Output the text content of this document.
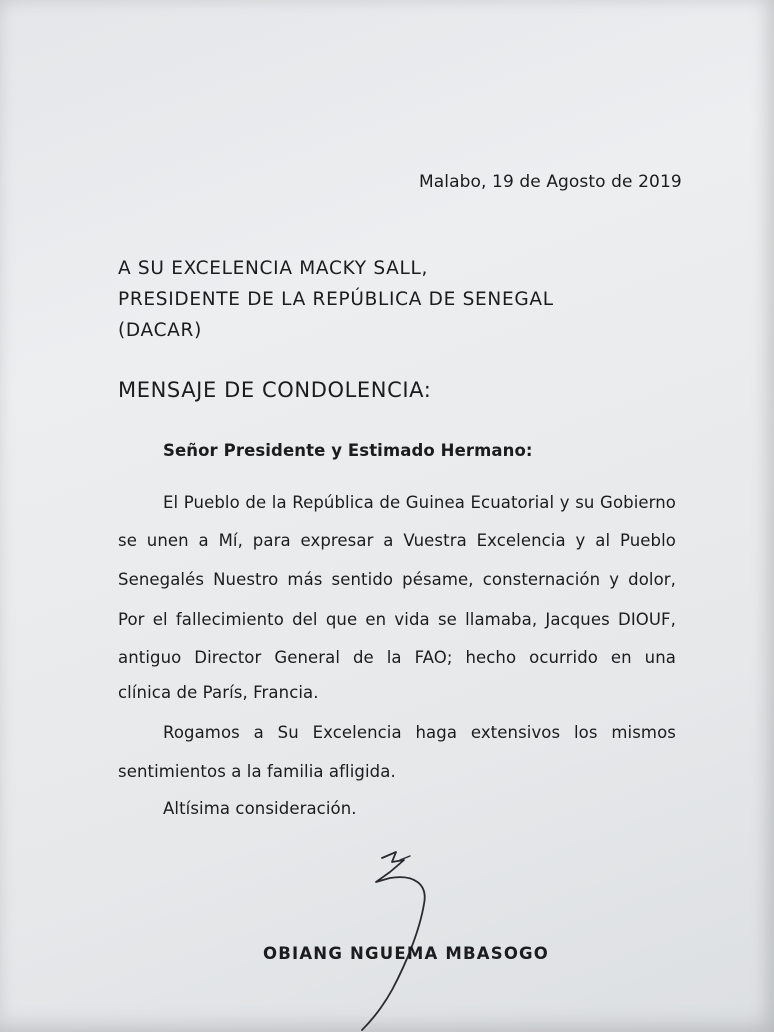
Malabo, 19 de Agosto de 2019
A SU EXCELENCIA MACKY SALL,
PRESIDENTE DE LA REPÚBLICA DE SENEGAL
(DACAR)
MENSAJE DE CONDOLENCIA:
Señor Presidente y Estimado Hermano:
El Pueblo de la República de Guinea Ecuatorial y su Gobierno
se unen a Mí, para expresar a Vuestra Excelencia y al Pueblo
Senegalés Nuestro más sentido pésame, consternación y dolor,
Por el fallecimiento del que en vida se llamaba, Jacques DIOUF,
antiguo Director General de la FAO; hecho ocurrido en una
clínica de París, Francia.
Rogamos a Su Excelencia haga extensivos los mismos
sentimientos a la familia afligida.
Altísima consideración.
OBIANG NGUEMA MBASOGO
